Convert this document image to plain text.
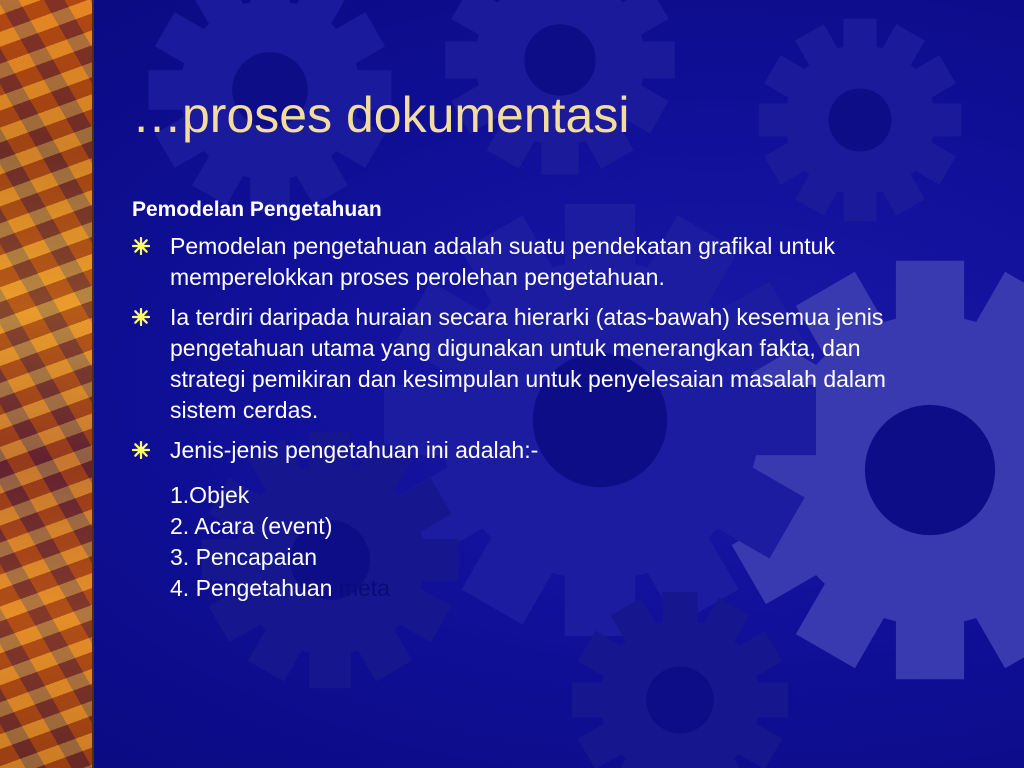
…proses dokumentasi
Pemodelan Pengetahuan
Pemodelan pengetahuan adalah suatu pendekatan grafikal untuk memperelokkan proses perolehan pengetahuan.
Ia terdiri daripada huraian secara hierarki (atas-bawah) kesemua jenis pengetahuan utama yang digunakan untuk menerangkan fakta, dan strategi pemikiran dan kesimpulan untuk penyelesaian masalah dalam sistem cerdas.
Jenis-jenis pengetahuan ini adalah:-
1.Objek
2. Acara (event)
3. Pencapaian
4. Pengetahuan meta
